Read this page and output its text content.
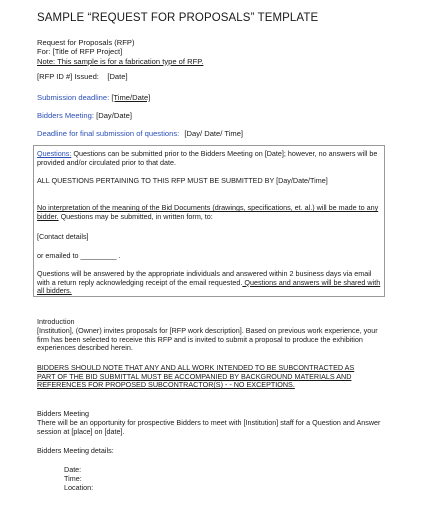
SAMPLE “REQUEST FOR PROPOSALS” TEMPLATE
Request for Proposals (RFP)
For: [Title of RFP Project]
Note: This sample is for a fabrication type of RFP.
[RFP ID #] Issued:    [Date]
Submission deadline: [Time/Date]
Bidders Meeting: [Day/Date]
Deadline for final submission of questions: [Day/ Date/ Time]
Questions: Questions can be submitted prior to the Bidders Meeting on [Date]; however, no answers will be provided and/or circulated prior to that date.
ALL QUESTIONS PERTAINING TO THIS RFP MUST BE SUBMITTED BY [Day/Date/Time]
No interpretation of the meaning of the Bid Documents (drawings, specifications, et. al.) will be made to any bidder. Questions may be submitted, in written form, to:
[Contact details]
or emailed to _________ .
Questions will be answered by the appropriate individuals and answered within 2 business days via email with a return reply acknowledging receipt of the email requested. Questions and answers will be shared with all bidders.
Introduction
[Institution], (Owner) invites proposals for [RFP work description]. Based on previous work experience, your firm has been selected to receive this RFP and is invited to submit a proposal to produce the exhibition experiences described herein.
BIDDERS SHOULD NOTE THAT ANY AND ALL WORK INTENDED TO BE SUBCONTRACTED AS PART OF THE BID SUBMITTAL MUST BE ACCOMPANIED BY BACKGROUND MATERIALS AND REFERENCES FOR PROPOSED SUBCONTRACTOR(S) - - NO EXCEPTIONS.
Bidders Meeting
There will be an opportunity for prospective Bidders to meet with [Institution] staff for a Question and Answer session at [place] on [date].
Bidders Meeting details:
Date:
Time:
Location:
